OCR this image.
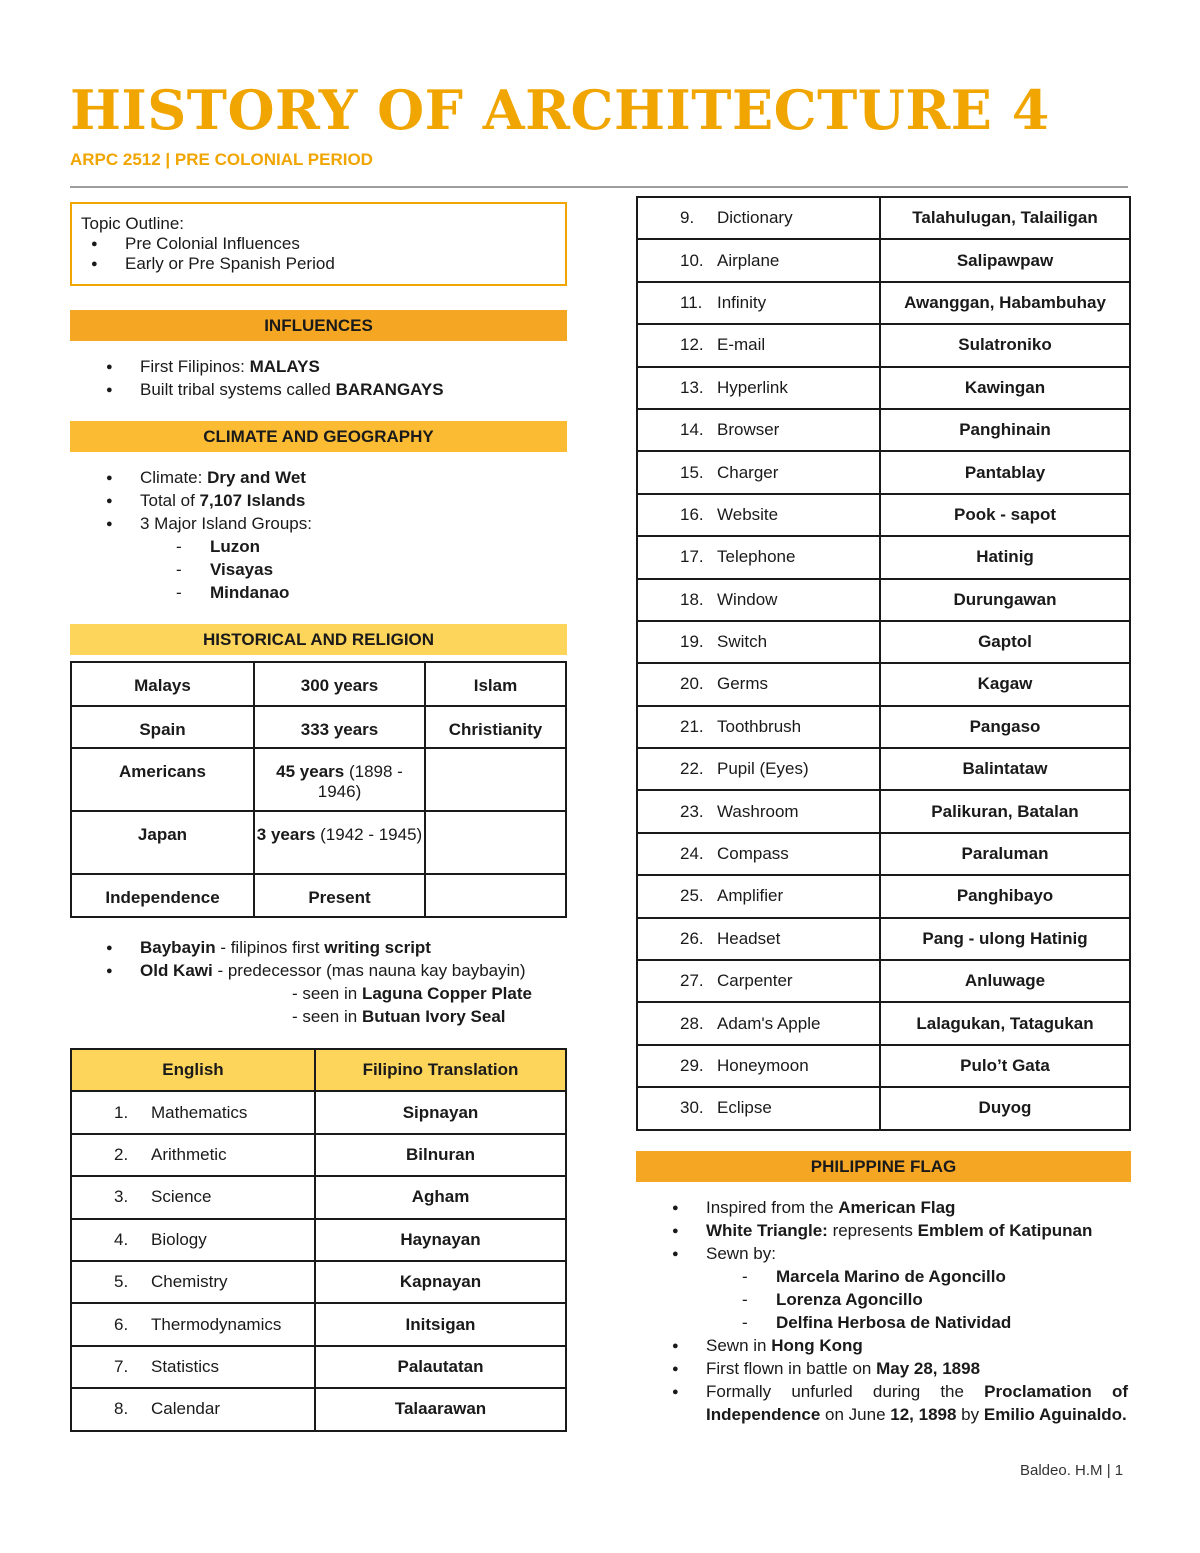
HISTORY OF ARCHITECTURE 4
ARPC 2512 | PRE COLONIAL PERIOD
Topic Outline:
● Pre Colonial Influences
● Early or Pre Spanish Period
INFLUENCES
● First Filipinos: MALAYS
● Built tribal systems called BARANGAYS
CLIMATE AND GEOGRAPHY
● Climate: Dry and Wet
● Total of 7,107 Islands
● 3 Major Island Groups:
- Luzon
- Visayas
- Mindanao
HISTORICAL AND RELIGION
Malays	300 years	Islam
Spain	333 years	Christianity
Americans	45 years (1898 - 1946)	
Japan	3 years (1942 - 1945)	
Independence	Present	
● Baybayin - filipinos first writing script
● Old Kawi - predecessor (mas nauna kay baybayin)
- seen in Laguna Copper Plate
- seen in Butuan Ivory Seal
English	Filipino Translation
1. Mathematics	Sipnayan
2. Arithmetic	Bilnuran
3. Science	Agham
4. Biology	Haynayan
5. Chemistry	Kapnayan
6. Thermodynamics	Initsigan
7. Statistics	Palautatan
8. Calendar	Talaarawan
9. Dictionary	Talahulugan, Talailigan
10. Airplane	Salipawpaw
11. Infinity	Awanggan, Habambuhay
12. E-mail	Sulatroniko
13. Hyperlink	Kawingan
14. Browser	Panghinain
15. Charger	Pantablay
16. Website	Pook - sapot
17. Telephone	Hatinig
18. Window	Durungawan
19. Switch	Gaptol
20. Germs	Kagaw
21. Toothbrush	Pangaso
22. Pupil (Eyes)	Balintataw
23. Washroom	Palikuran, Batalan
24. Compass	Paraluman
25. Amplifier	Panghibayo
26. Headset	Pang - ulong Hatinig
27. Carpenter	Anluwage
28. Adam's Apple	Lalagukan, Tatagukan
29. Honeymoon	Pulo’t Gata
30. Eclipse	Duyog
PHILIPPINE FLAG
● Inspired from the American Flag
● White Triangle: represents Emblem of Katipunan
● Sewn by:
- Marcela Marino de Agoncillo
- Lorenza Agoncillo
- Delfina Herbosa de Natividad
● Sewn in Hong Kong
● First flown in battle on May 28, 1898
● Formally unfurled during the Proclamation of Independence on June 12, 1898 by Emilio Aguinaldo.
Baldeo. H.M | 1
